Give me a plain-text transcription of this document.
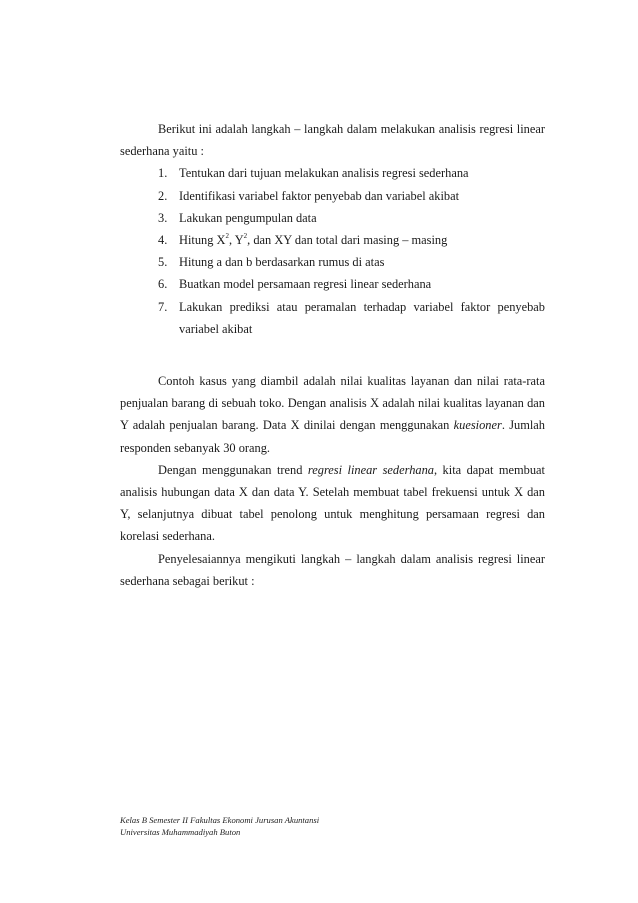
Berikut ini adalah langkah – langkah dalam melakukan analisis regresi linear sederhana yaitu :

1. Tentukan dari tujuan melakukan analisis regresi sederhana
2. Identifikasi variabel faktor penyebab dan variabel akibat
3. Lakukan pengumpulan data
4. Hitung $X^2$, $Y^2$, dan XY dan total dari masing – masing
5. Hitung a dan b berdasarkan rumus di atas
6. Buatkan model persamaan regresi linear sederhana
7. Lakukan prediksi atau peramalan terhadap variabel faktor penyebab variabel akibat

Contoh kasus yang diambil adalah nilai kualitas layanan dan nilai rata-rata penjualan barang di sebuah toko. Dengan analisis X adalah nilai kualitas layanan dan Y adalah penjualan barang. Data X dinilai dengan menggunakan kuesioner. Jumlah responden sebanyak 30 orang.

Dengan menggunakan trend regresi linear sederhana, kita dapat membuat analisis hubungan data X dan data Y. Setelah membuat tabel frekuensi untuk X dan Y, selanjutnya dibuat tabel penolong untuk menghitung persamaan regresi dan korelasi sederhana.

Penyelesaiannya mengikuti langkah – langkah dalam analisis regresi linear sederhana sebagai berikut :

Kelas B Semester II Fakultas Ekonomi Jurusan Akuntansi
Universitas Muhammadiyah Buton
